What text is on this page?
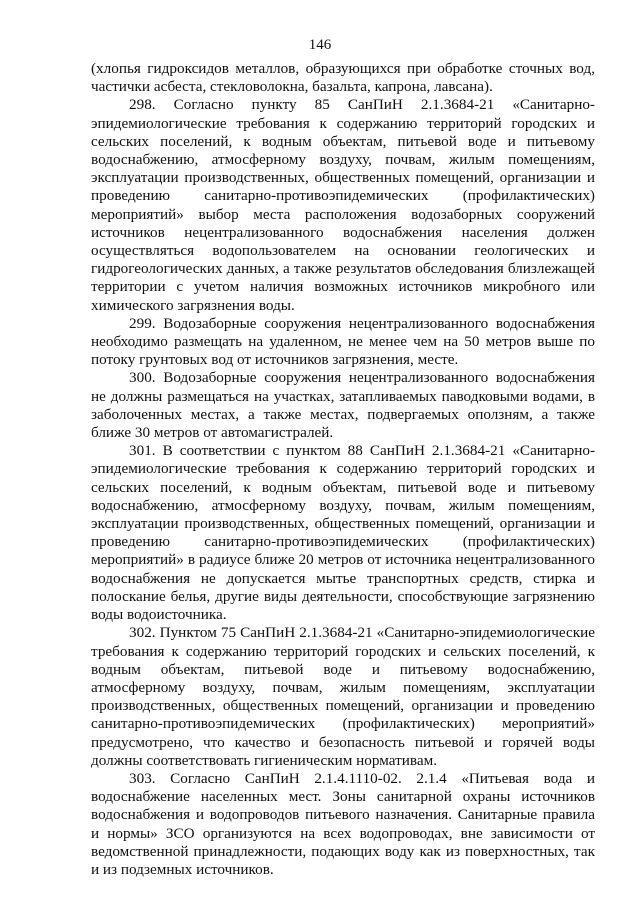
146

(хлопья гидроксидов металлов, образующихся при обработке сточных вод, частички асбеста, стекловолокна, базальта, капрона, лавсана).

298. Согласно пункту 85 СанПиН 2.1.3684-21 «Санитарно-эпидемиологические требования к содержанию территорий городских и сельских поселений, к водным объектам, питьевой воде и питьевому водоснабжению, атмосферному воздуху, почвам, жилым помещениям, эксплуатации производственных, общественных помещений, организации и проведению санитарно-противоэпидемических (профилактических) мероприятий» выбор места расположения водозаборных сооружений источников нецентрализованного водоснабжения населения должен осуществляться водопользователем на основании геологических и гидрогеологических данных, а также результатов обследования близлежащей территории с учетом наличия возможных источников микробного или химического загрязнения воды.

299. Водозаборные сооружения нецентрализованного водоснабжения необходимо размещать на удаленном, не менее чем на 50 метров выше по потоку грунтовых вод от источников загрязнения, месте.

300. Водозаборные сооружения нецентрализованного водоснабжения не должны размещаться на участках, затапливаемых паводковыми водами, в заболоченных местах, а также местах, подвергаемых оползням, а также ближе 30 метров от автомагистралей.

301. В соответствии с пунктом 88 СанПиН 2.1.3684-21 «Санитарно-эпидемиологические требования к содержанию территорий городских и сельских поселений, к водным объектам, питьевой воде и питьевому водоснабжению, атмосферному воздуху, почвам, жилым помещениям, эксплуатации производственных, общественных помещений, организации и проведению санитарно-противоэпидемических (профилактических) мероприятий» в радиусе ближе 20 метров от источника нецентрализованного водоснабжения не допускается мытье транспортных средств, стирка и полоскание белья, другие виды деятельности, способствующие загрязнению воды водоисточника.

302. Пунктом 75 СанПиН 2.1.3684-21 «Санитарно-эпидемиологические требования к содержанию территорий городских и сельских поселений, к водным объектам, питьевой воде и питьевому водоснабжению, атмосферному воздуху, почвам, жилым помещениям, эксплуатации производственных, общественных помещений, организации и проведению санитарно-противоэпидемических (профилактических) мероприятий» предусмотрено, что качество и безопасность питьевой и горячей воды должны соответствовать гигиеническим нормативам.

303. Согласно СанПиН 2.1.4.1110-02. 2.1.4 «Питьевая вода и водоснабжение населенных мест. Зоны санитарной охраны источников водоснабжения и водопроводов питьевого назначения. Санитарные правила и нормы» ЗСО организуются на всех водопроводах, вне зависимости от ведомственной принадлежности, подающих воду как из поверхностных, так и из подземных источников.
